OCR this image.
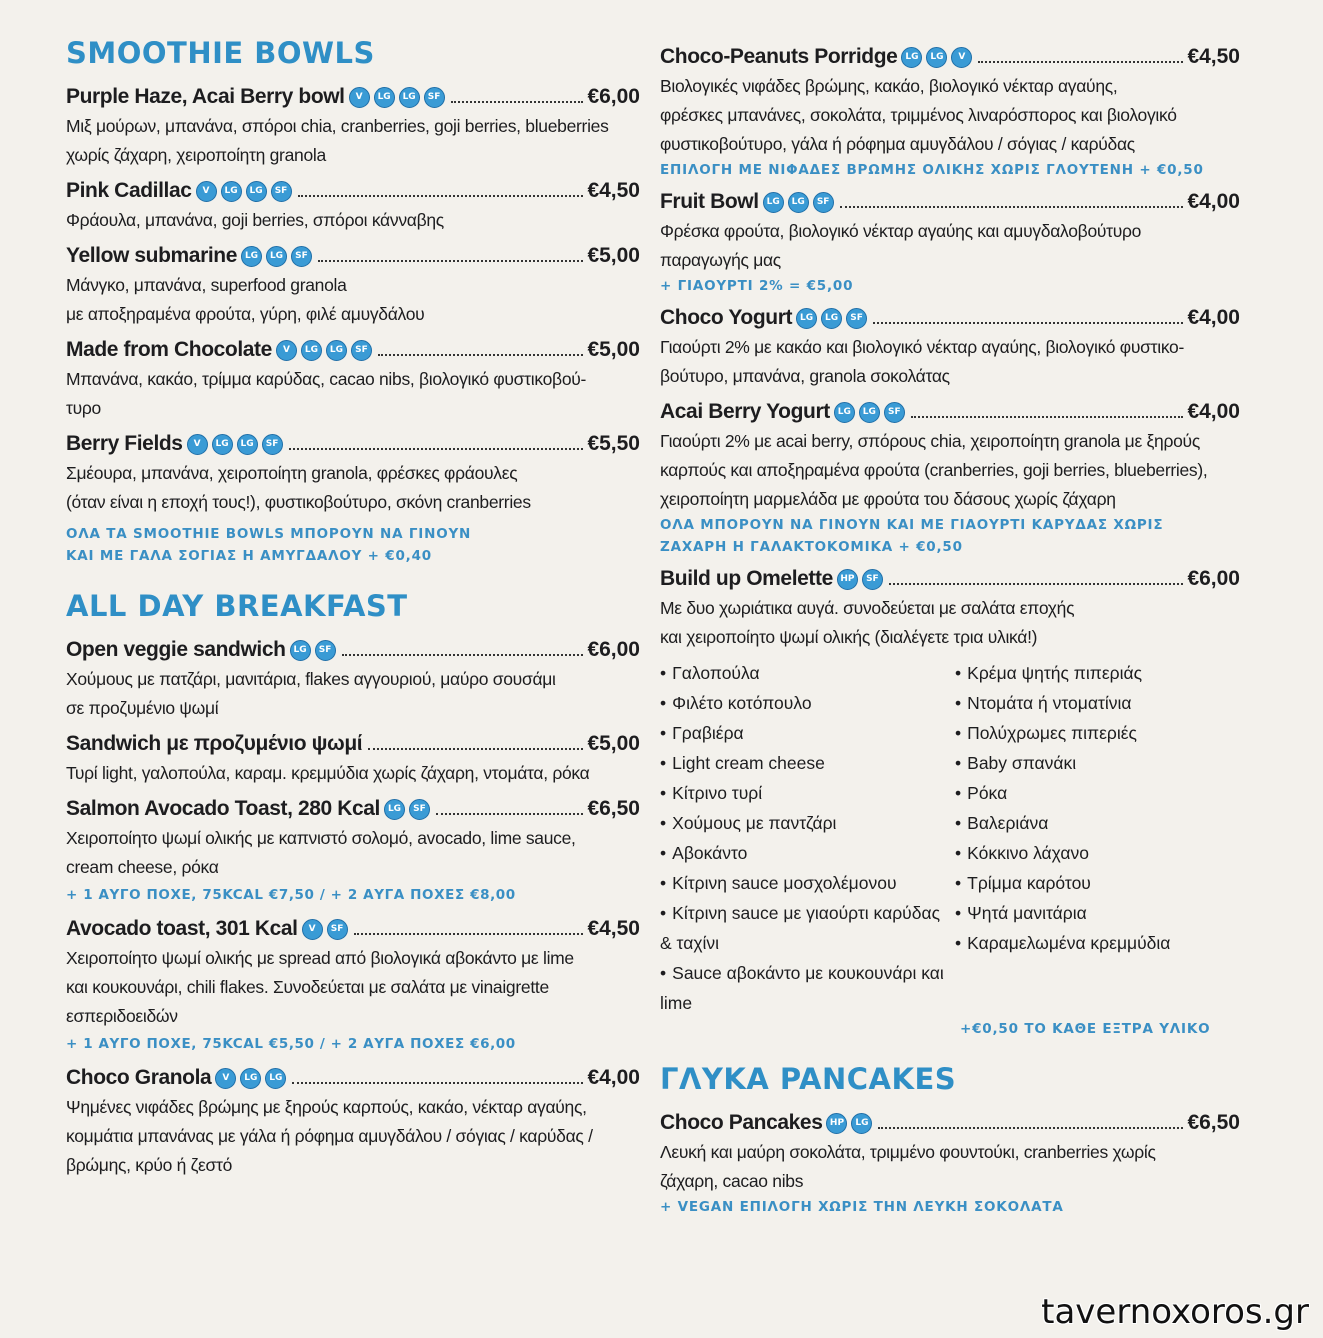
SMOOTHIE BOWLS
Purple Haze, Acai Berry bowl	V	LG	LG	SF	€6,00
Μιξ μούρων, μπανάνα, σπόροι chia, cranberries, goji berries, blueberries
χωρίς ζάχαρη, χειροποίητη granola
Pink Cadillac	V	LG	LG	SF	€4,50
Φράουλα, μπανάνα, goji berries, σπόροι κάνναβης
Yellow submarine LG	LG	SF	€5,00
Μάνγκο, μπανάνα, superfood granola
με αποξηραμένα φρούτα, γύρη, φιλέ αμυγδάλου
Made from Chocolate	V	LG	LG	SF	€5,00
Μπανάνα, κακάο, τρίμμα καρύδας, cacao nibs, βιολογικό φυστικοβού-
τυρο
Berry Fields	V	LG	LG	SF	€5,50
Σμέουρα, μπανάνα, χειροποίητη granola, φρέσκες φράουλες
(όταν είναι η εποχή τους!), φυστικοβούτυρο, σκόνη cranberries
ΟΛΑ ΤΑ SMOOTHIE BOWLS ΜΠΟΡΟΥΝ ΝΑ ΓΙΝΟΥΝ
ΚΑΙ ΜΕ ΓΑΛΑ ΣΟΓΙΑΣ Η ΑΜΥΓΔΑΛΟΥ + €0,40
ALL DAY BREAKFAST
Open veggie sandwich LG	SF	€6,00
Χούμους με πατζάρι, μανιτάρια, flakes αγγουριού, μαύρο σουσάμι
σε προζυμένιο ψωμί
Sandwich με προζυμένιο ψωμί	€5,00
Τυρί light, γαλοπούλα, καραμ. κρεμμύδια χωρίς ζάχαρη, ντομάτα, ρόκα
Salmon Avocado Toast, 280 Kcal LG	SF	€6,50
Χειροποίητο ψωμί ολικής με καπνιστό σολομό, avocado, lime sauce,
cream cheese, ρόκα
+ 1 ΑΥΓΟ ΠΟΧΕ, 75KCAL €7,50 / + 2 ΑΥΓΑ ΠΟΧΕΣ €8,00
Avocado toast, 301 Kcal	V	SF	€4,50
Χειροποίητο ψωμί ολικής με spread από βιολογικά αβοκάντο με lime
και κουκουνάρι, chili flakes. Συνοδεύεται με σαλάτα με vinaigrette
εσπεριδοειδών
+ 1 ΑΥΓΟ ΠΟΧΕ, 75KCAL €5,50 / + 2 ΑΥΓΑ ΠΟΧΕΣ €6,00
Choco Granola	V	LG	LG	€4,00
Ψημένες νιφάδες βρώμης με ξηρούς καρπούς, κακάο, νέκταρ αγαύης,
κομμάτια μπανάνας με γάλα ή ρόφημα αμυγδάλου / σόγιας / καρύδας /
βρώμης, κρύο ή ζεστό
Choco-Peanuts Porridge LG	LG	V	€4,50
Βιολογικές νιφάδες βρώμης, κακάο, βιολογικό νέκταρ αγαύης,
φρέσκες μπανάνες, σοκολάτα, τριμμένος λιναρόσπορος και βιολογικό
φυστικοβούτυρο, γάλα ή ρόφημα αμυγδάλου / σόγιας / καρύδας
ΕΠΙΛΟΓΗ ΜΕ ΝΙΦΑΔΕΣ ΒΡΩΜΗΣ ΟΛΙΚΗΣ ΧΩΡΙΣ ΓΛΟΥΤΕΝΗ + €0,50
Fruit Bowl LG	LG	SF	€4,00
Φρέσκα φρούτα, βιολογικό νέκταρ αγαύης και αμυγδαλοβούτυρο
παραγωγής μας
+ ΓΙΑΟΥΡΤΙ 2% = €5,00
Choco Yogurt LG	LG	SF	€4,00
Γιαούρτι 2% με κακάο και βιολογικό νέκταρ αγαύης, βιολογικό φυστικο-
βούτυρο, μπανάνα, granola σοκολάτας
Acai Berry Yogurt LG	LG	SF	€4,00
Γιαούρτι 2% με acai berry, σπόρους chia, χειροποίητη granola με ξηρούς
καρπούς και αποξηραμένα φρούτα (cranberries, goji berries, blueberries),
χειροποίητη μαρμελάδα με φρούτα του δάσους χωρίς ζάχαρη
ΟΛΑ ΜΠΟΡΟΥΝ ΝΑ ΓΙΝΟΥΝ ΚΑΙ ΜΕ ΓΙΑΟΥΡΤΙ ΚΑΡΥΔΑΣ ΧΩΡΙΣ
ΖΑΧΑΡΗ Η ΓΑΛΑΚΤΟΚΟΜΙΚΑ + €0,50
Build up Omelette HP	SF	€6,00
Με δυο χωριάτικα αυγά. συνοδεύεται με σαλάτα εποχής
και χειροποίητο ψωμί ολικής (διαλέγετε τρια υλικά!)
• Γαλοπούλα
• Φιλέτο κοτόπουλο
• Γραβιέρα
• Light cream cheese
• Κίτρινο τυρί
• Χούμους με παντζάρι
• Αβοκάντο
• Κίτρινη sauce μοσχολέμονου
• Κίτρινη sauce με γιαούρτι καρύδας & ταχίνι
• Sauce αβοκάντο με κουκουνάρι και lime
• Κρέμα ψητής πιπεριάς
• Ντομάτα ή ντοματίνια
• Πολύχρωμες πιπεριές
• Baby σπανάκι
• Ρόκα
• Βαλεριάνα
• Κόκκινο λάχανο
• Τρίμμα καρότου
• Ψητά μανιτάρια
• Καραμελωμένα κρεμμύδια
+€0,50 ΤΟ ΚΑΘΕ ΕΞΤΡΑ ΥΛΙΚΟ
ΓΛΥΚΑ PANCAKES
Choco Pancakes HP	LG	€6,50
Λευκή και μαύρη σοκολάτα, τριμμένο φουντούκι, cranberries χωρίς
ζάχαρη, cacao nibs
+ VEGAN ΕΠΙΛΟΓΗ ΧΩΡΙΣ ΤΗΝ ΛΕΥΚΗ ΣΟΚΟΛΑΤΑ
tavernoxoros.gr
